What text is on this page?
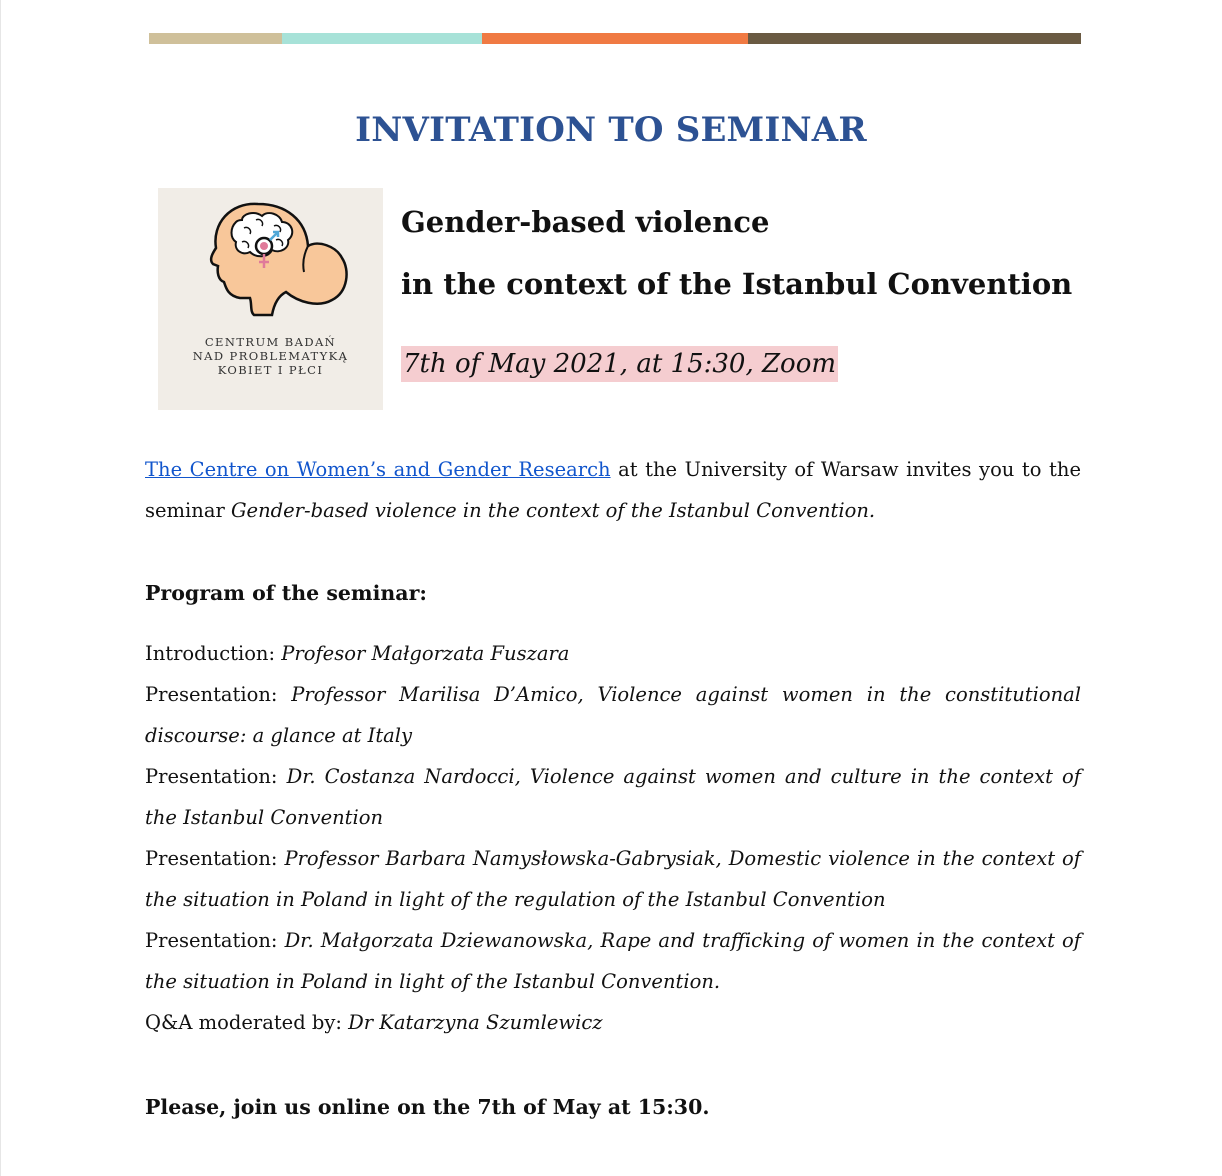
INVITATION TO SEMINAR
CENTRUM BADAŃ
NAD PROBLEMATYKĄ
KOBIET I PŁCI
Gender-based violence
in the context of the Istanbul Convention
7th of May 2021, at 15:30, Zoom
The Centre on Women’s and Gender Research at the University of Warsaw invites you to the seminar Gender-based violence in the context of the Istanbul Convention.
Program of the seminar:

Introduction: Profesor Małgorzata Fuszara

Presentation: Professor Marilisa D’Amico, Violence against women in the constitutional discourse: a glance at Italy

Presentation: Dr. Costanza Nardocci, Violence against women and culture in the context of the Istanbul Convention

Presentation: Professor Barbara Namysłowska-Gabrysiak, Domestic violence in the context of the situation in Poland in light of the regulation of the Istanbul Convention

Presentation: Dr. Małgorzata Dziewanowska, Rape and trafficking of women in the context of the situation in Poland in light of the Istanbul Convention.

Q&A moderated by: Dr Katarzyna Szumlewicz

Please, join us online on the 7th of May at 15:30.
